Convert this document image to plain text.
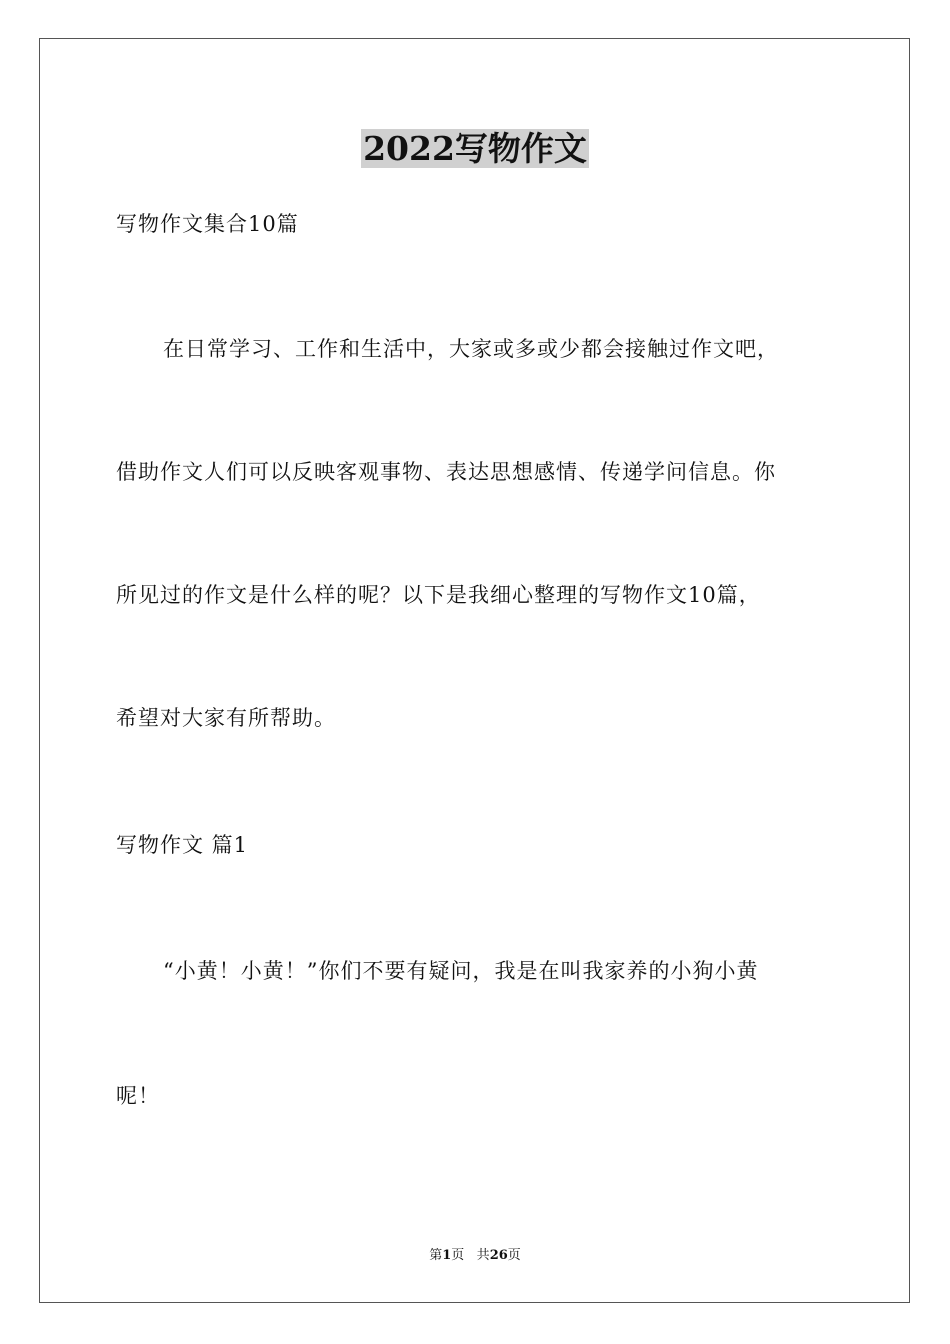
2022写物作文
写物作文集合10篇
在日常学习、工作和生活中，大家或多或少都会接触过作文吧，
借助作文人们可以反映客观事物、表达思想感情、传递学问信息。你
所见过的作文是什么样的呢？以下是我细心整理的写物作文10篇，
希望对大家有所帮助。
写物作文 篇1
“小黄！小黄！”你们不要有疑问，我是在叫我家养的小狗小黄
呢！
第1页 共26页
